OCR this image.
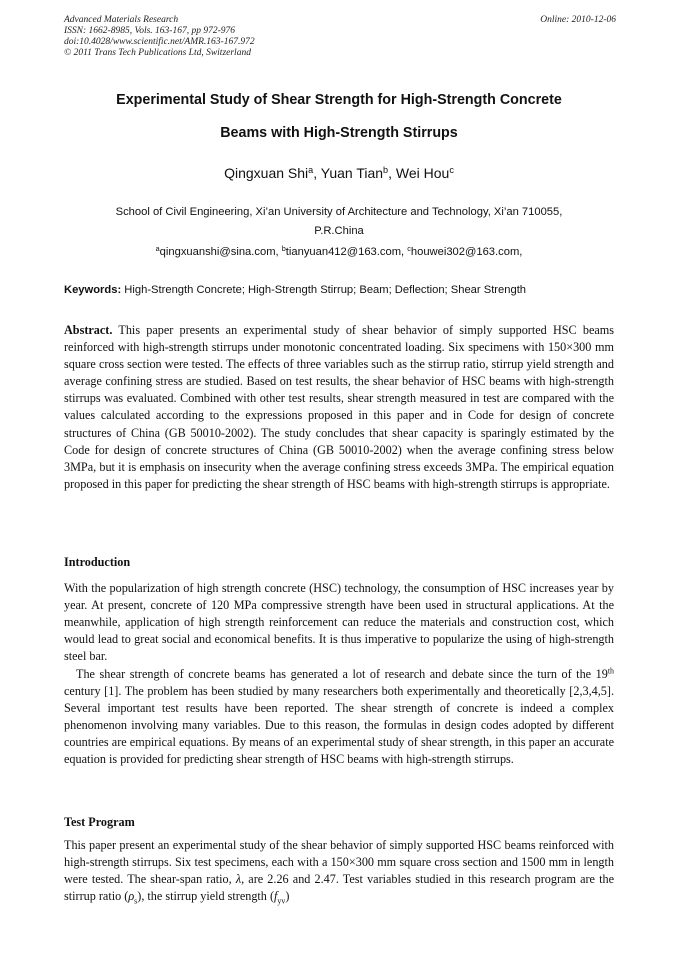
Advanced Materials Research
ISSN: 1662-8985, Vols. 163-167, pp 972-976
doi:10.4028/www.scientific.net/AMR.163-167.972
© 2011 Trans Tech Publications Ltd, Switzerland
Online: 2010-12-06
Experimental Study of Shear Strength for High-Strength Concrete
Beams with High-Strength Stirrups
Qingxuan Shi$^a$, Yuan Tian$^b$, Wei Hou$^c$
School of Civil Engineering, Xi’an University of Architecture and Technology, Xi’an 710055,
P.R.China
$^a$qingxuanshi@sina.com, $^b$tianyuan412@163.com, $^c$houwei302@163.com,
Keywords: High-Strength Concrete; High-Strength Stirrup; Beam; Deflection; Shear Strength
Abstract. This paper presents an experimental study of shear behavior of simply supported HSC beams reinforced with high-strength stirrups under monotonic concentrated loading. Six specimens with 150×300 mm square cross section were tested. The effects of three variables such as the stirrup ratio, stirrup yield strength and average confining stress are studied. Based on test results, the shear behavior of HSC beams with high-strength stirrups was evaluated. Combined with other test results, shear strength measured in test are compared with the values calculated according to the expressions proposed in this paper and in Code for design of concrete structures of China (GB 50010-2002). The study concludes that shear capacity is sparingly estimated by the Code for design of concrete structures of China (GB 50010-2002) when the average confining stress below 3MPa, but it is emphasis on insecurity when the average confining stress exceeds 3MPa. The empirical equation proposed in this paper for predicting the shear strength of HSC beams with high-strength stirrups is appropriate.
Introduction
With the popularization of high strength concrete (HSC) technology, the consumption of HSC increases year by year. At present, concrete of 120 MPa compressive strength have been used in structural applications. At the meanwhile, application of high strength reinforcement can reduce the materials and construction cost, which would lead to great social and economical benefits. It is thus imperative to popularize the using of high-strength steel bar.
The shear strength of concrete beams has generated a lot of research and debate since the turn of the 19th century [1]. The problem has been studied by many researchers both experimentally and theoretically [2,3,4,5]. Several important test results have been reported. The shear strength of concrete is indeed a complex phenomenon involving many variables. Due to this reason, the formulas in design codes adopted by different countries are empirical equations. By means of an experimental study of shear strength, in this paper an accurate equation is provided for predicting shear strength of HSC beams with high-strength stirrups.
Test Program
This paper present an experimental study of the shear behavior of simply supported HSC beams reinforced with high-strength stirrups. Six test specimens, each with a 150×300 mm square cross section and 1500 mm in length were tested. The shear-span ratio, λ, are 2.26 and 2.47. Test variables studied in this research program are the stirrup ratio $(\rho_s)$, the stirrup yield strength $(f_{yv})$
